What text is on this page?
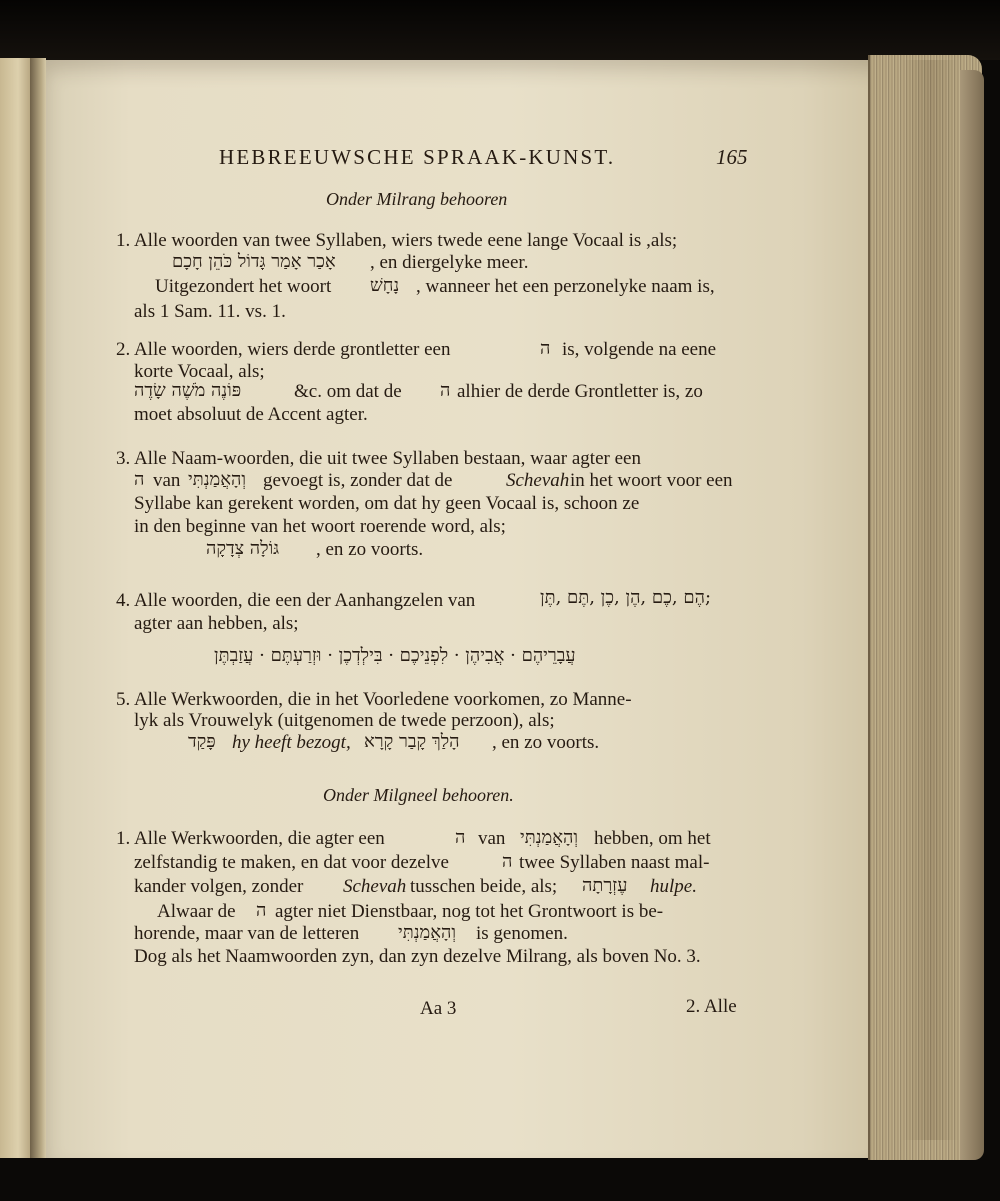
HEBREEUWSCHE SPRAAK-KUNST.	165
Onder Milrang behooren
1. Alle woorden van twee Syllaben, wiers twede eene lange Vocaal is ,als;
אָכַר אָמַר גָּדוֹל כֹּהֵן חָכָם , en diergelyke meer.
Uitgezondert het woort נָחָשׁ , wanneer het een perzonelyke naam is,
als 1 Sam. 11. vs. 1.
2. Alle woorden, wiers derde grontletter een	ה is, volgende na eene
korte Vocaal, als;
פּוֹנֶה מֹשֶׁה שָׂדֶה	&c. om dat de ה alhier de derde Grontletter is, zo
moet absoluut de Accent agter.
3. Alle Naam-woorden, die uit twee Syllaben bestaan, waar agter een
ה van וְהָאֲמַנְתִּי gevoegt is, zonder dat de	Schevah in het woort voor een
Syllabe kan gerekent worden, om dat hy geen Vocaal is, schoon ze
in den beginne van het woort roerende word, als;
גּוֹלָה צְדָקָה , en zo voorts.
4. Alle woorden, die een der Aanhangzelen van	הֶם ,כֶם ,הֶן ,כֶן ,תֶּם ,תֶּן;
agter aan hebben, als;
עֲבָרֵיהֶם · אֲבִיהֶן · לִפְנֵיכֶם · בִּילְדְכֶן · וּזְרַעְתֶּם · עֲזַבְתֶּן
5. Alle Werkwoorden, die in het Voorledene voorkomen, zo Manne-
lyk als Vrouwelyk (uitgenomen de twede perzoon), als;
פָּקַד hy heeft bezogt, הָלַךְ קָבַר קָרָא , en zo voorts.
Onder Milgneel behooren.
1. Alle Werkwoorden, die agter een	ה van וְהָאֲמַנְתִּי hebben, om het
zelfstandig te maken, en dat voor dezelve	ה twee Syllaben naast mal-
kander volgen, zonder Schevah tusschen beide, als; עֶזְרָתָה hulpe.
Alwaar de ה agter niet Dienstbaar, nog tot het Grontwoort is be-
horende, maar van de letteren וְהָאֲמַנְתִּי is genomen.
Dog als het Naamwoorden zyn, dan zyn dezelve Milrang, als boven No. 3.
Aa 3	2. Alle
